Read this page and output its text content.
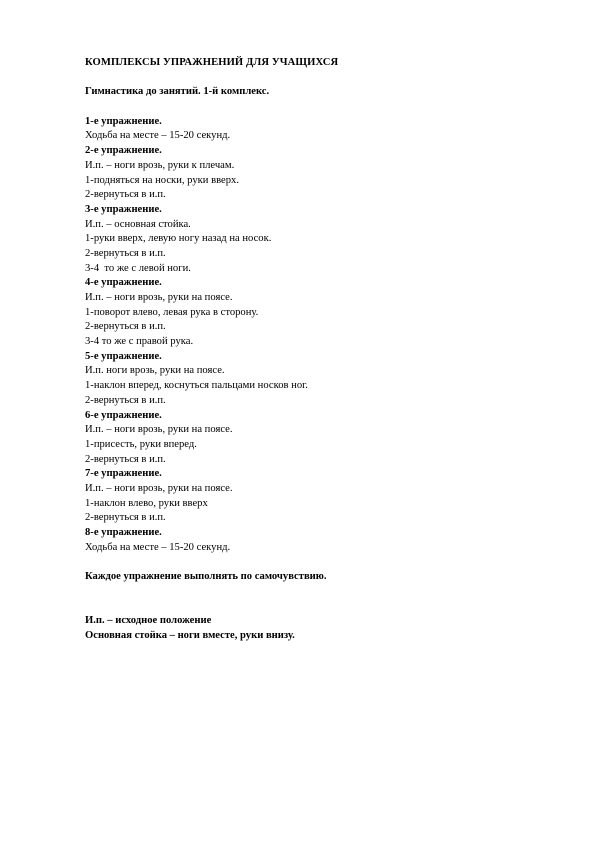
КОМПЛЕКСЫ УПРАЖНЕНИЙ ДЛЯ УЧАЩИХСЯ
Гимнастика до занятий. 1-й комплекс.
1-е упражнение.
Ходьба на месте – 15-20 секунд.
2-е упражнение.
И.п. – ноги врозь, руки к плечам.
1-подняться на носки, руки вверх.
2-вернуться в и.п.
3-е упражнение.
И.п. – основная стойка.
1-руки вверх, левую ногу назад на носок.
2-вернуться в и.п.
3-4  то же с левой ноги.
4-е упражнение.
И.п. – ноги врозь, руки на поясе.
1-поворот влево, левая рука в сторону.
2-вернуться в и.п.
3-4 то же с правой рука.
5-е упражнение.
И.п. ноги врозь, руки на поясе.
1-наклон вперед, коснуться пальцами носков ног.
2-вернуться в и.п.
6-е упражнение.
И.п. – ноги врозь, руки на поясе.
1-присесть, руки вперед.
2-вернуться в и.п.
7-е упражнение.
И.п. – ноги врозь, руки на поясе.
1-наклон влево, руки вверх
2-вернуться в и.п.
8-е упражнение.
Ходьба на месте – 15-20 секунд.
Каждое упражнение выполнять по самочувствию.
И.п. – исходное положение
Основная стойка – ноги вместе, руки внизу.
